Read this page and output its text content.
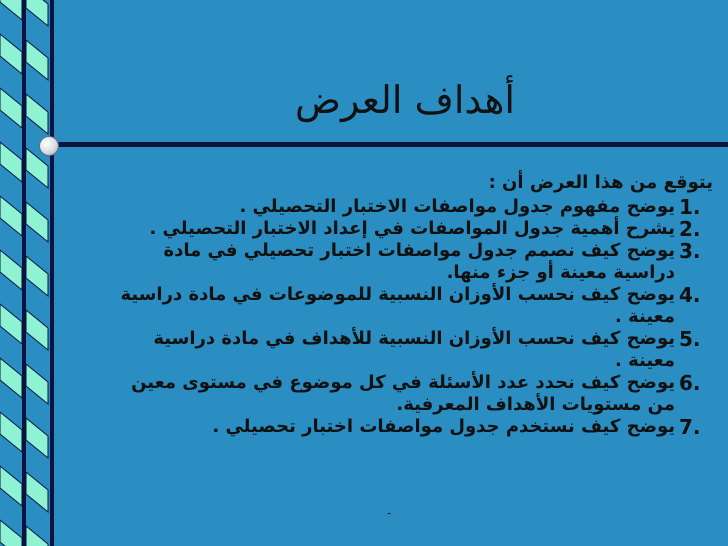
أهداف العرض

يتوقع من هذا العرض أن :

1.
يوضح مفهوم جدول مواصفات الاختبار التحصيلي .

2.
يشرح أهمية جدول المواصفات في إعداد الاختبار التحصيلي .

3.
يوضح كيف نصمم جدول مواصفات اختبار تحصيلي في مادة دراسية معينة أو جزء منها.

4.
يوضح كيف نحسب الأوزان النسبية للموضوعات في مادة دراسية معينة .

5.
يوضح كيف نحسب الأوزان النسبية للأهداف في مادة دراسية معينة .

6.
يوضح كيف نحدد عدد الأسئلة في كل موضوع في مستوى معين من مستويات الأهداف المعرفية.

7.
يوضح كيف نستخدم جدول مواصفات اختبار تحصيلي .

-
